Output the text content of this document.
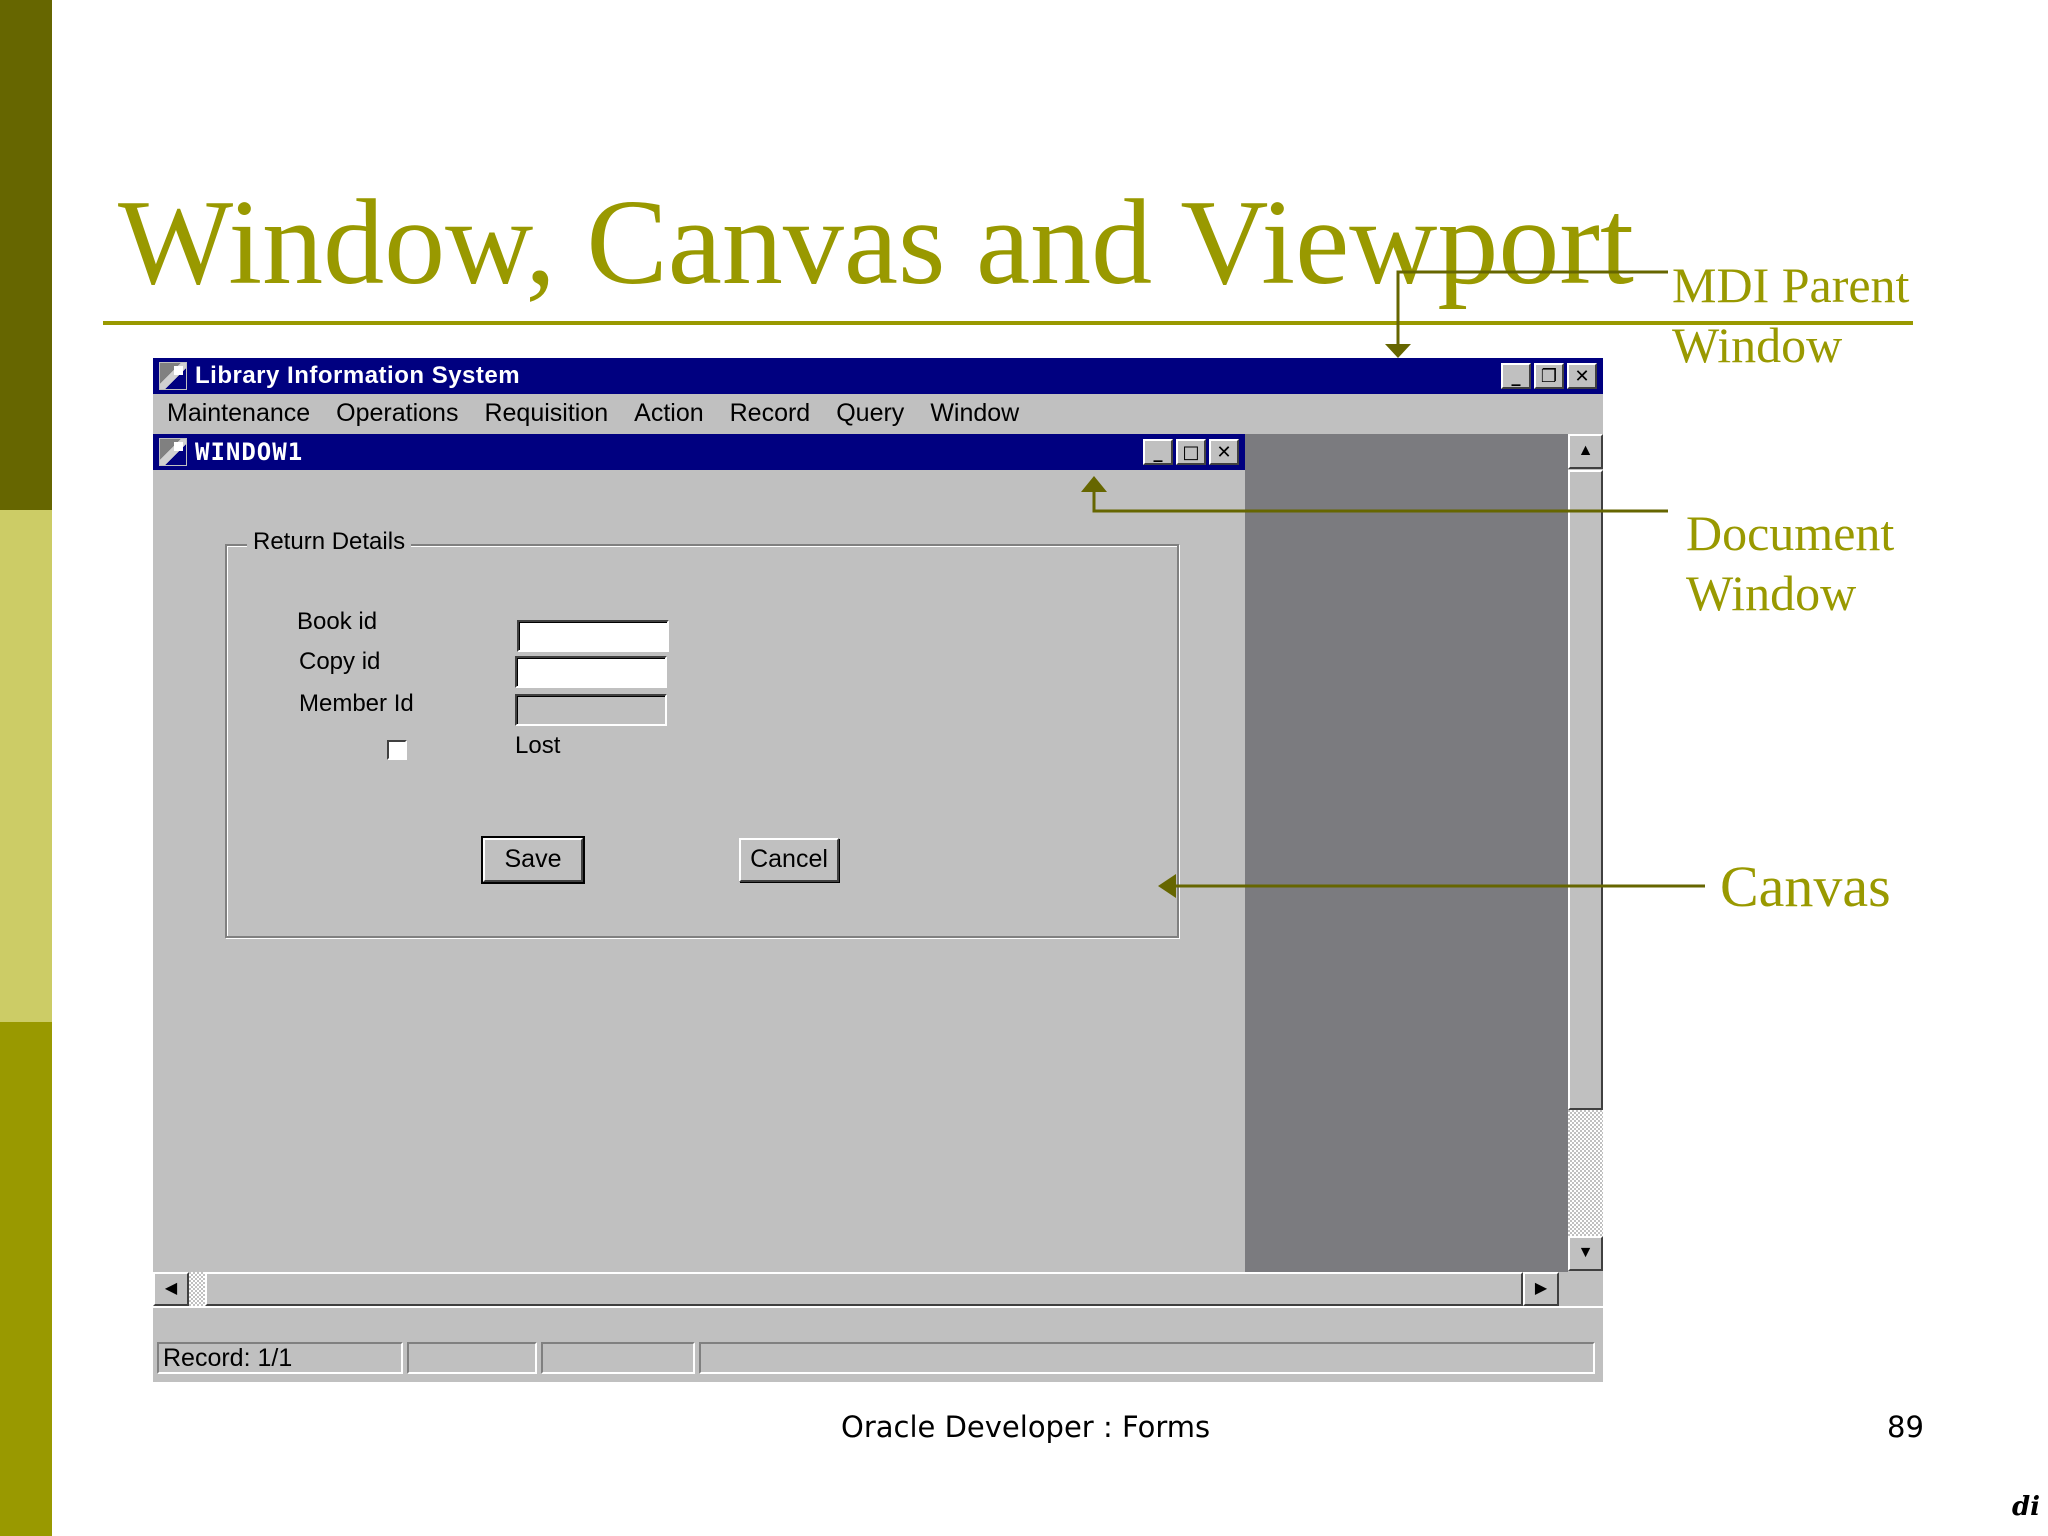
Window, Canvas and Viewport
Library Information System	_	❐ ✕
Maintenance Operations Requisition Action Record Query Window
▲
▼
◀	▶
Record: 1/1
WINDOW1	_	□ ✕
Return Details
Book id
Copy id
Member Id
Lost
Save	Cancel
MDI Parent
Window
Document
Window
Canvas
Oracle Developer : Forms	89
di
